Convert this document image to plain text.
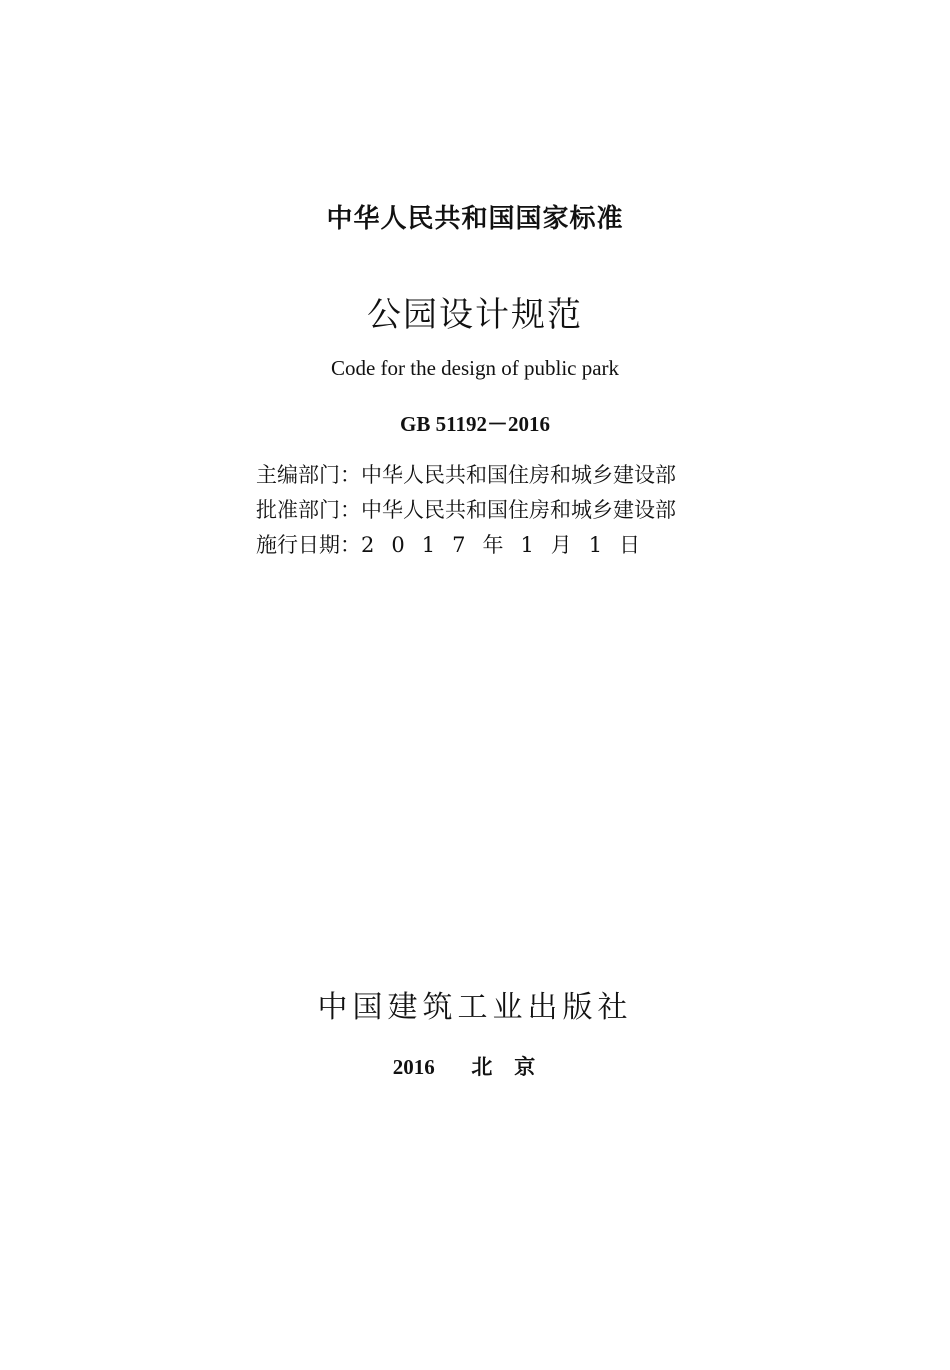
中华人民共和国国家标准
公园设计规范
Code for the design of public park
GB 51192－2016
主编部门：中华人民共和国住房和城乡建设部
批准部门：中华人民共和国住房和城乡建设部
施行日期：2017年1月1日
中国建筑工业出版社
2016 北京
